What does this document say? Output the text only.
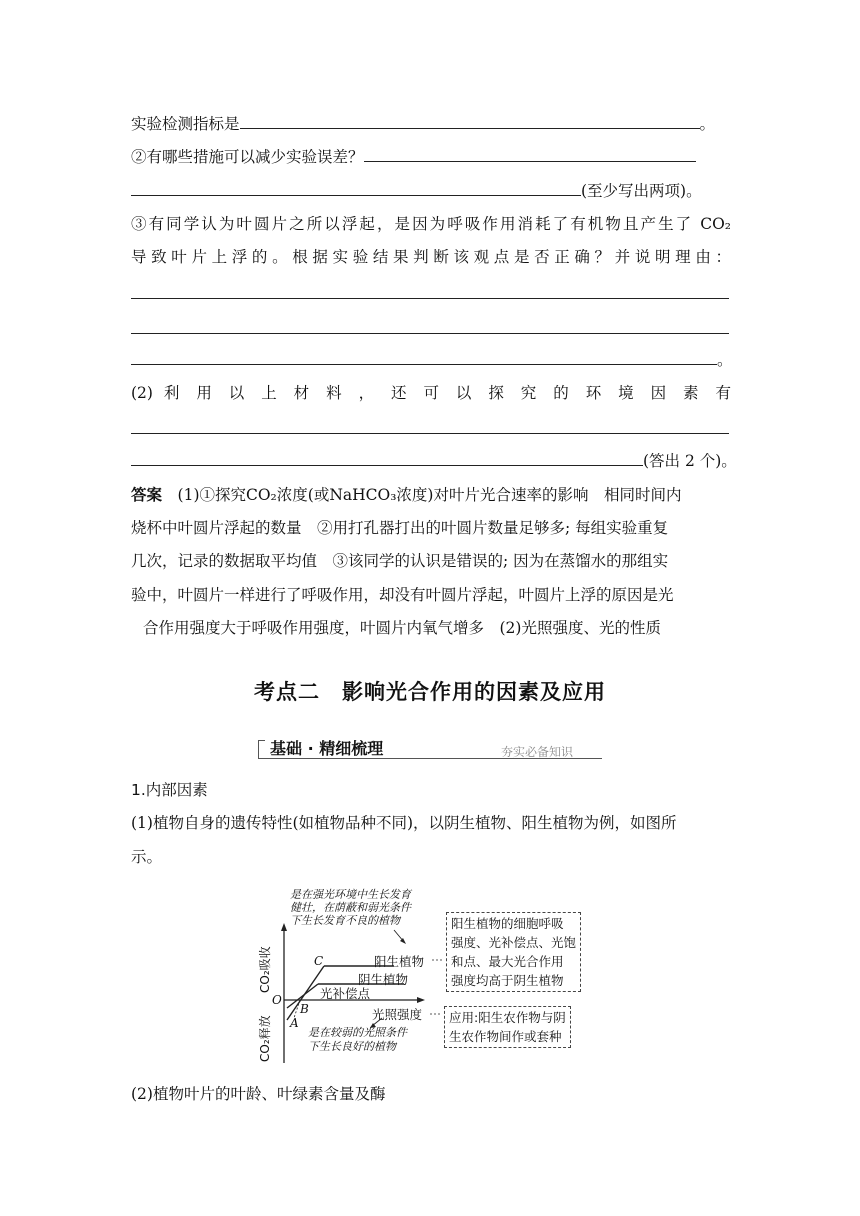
实验检测指标是	。
②有哪些措施可以减少实验误差？
(至少写出两项)。
③有同学认为叶圆片之所以浮起，是因为呼吸作用消耗了有机物且产生了 CO₂
导致叶片上浮的。根据实验结果判断该观点是否正确？并说明理由：
。
(2) 利 用 以 上 材 料 ， 还 可 以 探 究 的 环 境 因 素 有
(答出 2 个)。
答案　 (1)①探究CO₂浓度(或NaHCO₃浓度)对叶片光合速率的影响　相同时间内
烧杯中叶圆片浮起的数量　②用打孔器打出的叶圆片数量足够多; 每组实验重复
几次，记录的数据取平均值　③该同学的认识是错误的; 因为在蒸馏水的那组实
验中，叶圆片一样进行了呼吸作用，却没有叶圆片浮起，叶圆片上浮的原因是光
合作用强度大于呼吸作用强度，叶圆片内氧气增多　(2)光照强度、光的性质
考点二　影响光合作用的因素及应用
基础 · 精细梳理	夯实必备知识
1.内部因素
(1)植物自身的遗传特性(如植物品种不同)，以阴生植物、阳生植物为例，如图所
示。
是在强光环境中生长发育
健壮，在荫蔽和弱光条件
下生长发育不良的植物
CO₂吸收
CO₂释放
C
O
B
A
阳生植物
阴生植物
光补偿点
光照强度
是在较弱的光照条件
下生长良好的植物
阳生植物的细胞呼吸
强度、光补偿点、光饱
和点、最大光合作用
强度均高于阴生植物
应用:阳生农作物与阴
生农作物间作或套种
(2)植物叶片的叶龄、叶绿素含量及酶
